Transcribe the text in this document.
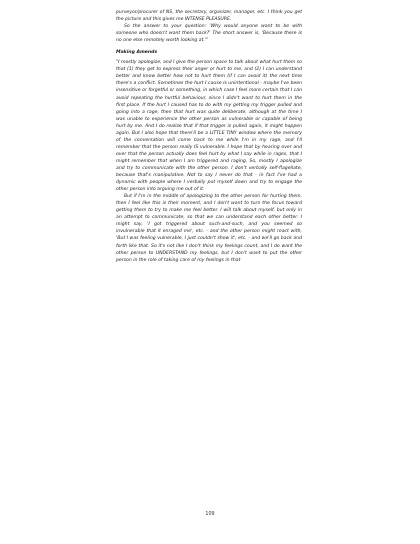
purveyor/procurer of NS, the secretary, organizer, manager, etc. I think you get the picture and this gives me INTENSE PLEASURE.

So the answer to your question: 'Why would anyone want to be with someone who doesn't want them back?' The short answer is, 'Because there is no one else remotely worth looking at.'"

Making Amends

"I mostly apologize, and I give the person space to talk about what hurt them so that (1) they get to express their anger or hurt to me, and (2) I can understand better and know better how not to hurt them (if I can avoid it) the next time there's a conflict. Sometimes the hurt I cause is unintentional - maybe I've been insensitive or forgetful or something, in which case I feel more certain that I can avoid repeating the hurtful behaviour, since I didn't want to hurt them in the first place. If the hurt I caused has to do with my getting my trigger pulled and going into a rage, then that hurt was quite deliberate, although at the time I was unable to experience the other person as vulnerable or capable of being hurt by me. And I do realize that if that trigger is pulled again, it might happen again. But I also hope that there'll be a LITTLE TINY window where the memory of the conversation will come back to me while I'm in my rage, and I'll remember that the person really IS vulnerable. I hope that by hearing over and over that the person actually does feel hurt by what I say while in rages, that I might remember that when I am triggered and raging. So, mostly I apologize and try to communicate with the other person. I don't verbally self-flagellate, because that's manipulative. Not to say I never do that - in fact I've had a dynamic with people where I verbally put myself down and try to engage the other person into arguing me out of it.

But if I'm in the middle of apologizing to the other person for hurting them, then I feel like this is their moment, and I don't want to turn the focus toward getting them to try to make me feel better. I will talk about myself, but only in an attempt to communicate, so that we can understand each other better. I might say, 'I got triggered about such-and-such, and you seemed so invulnerable that it enraged me', etc. - and the other person might react with, 'But I was feeling vulnerable, I just couldn't show it', etc. - and we'll go back and forth like that. So it's not like I don't think my feelings count, and I do want the other person to UNDERSTAND my feelings, but I don't want to put the other person in the role of taking care of my feelings in that

109
